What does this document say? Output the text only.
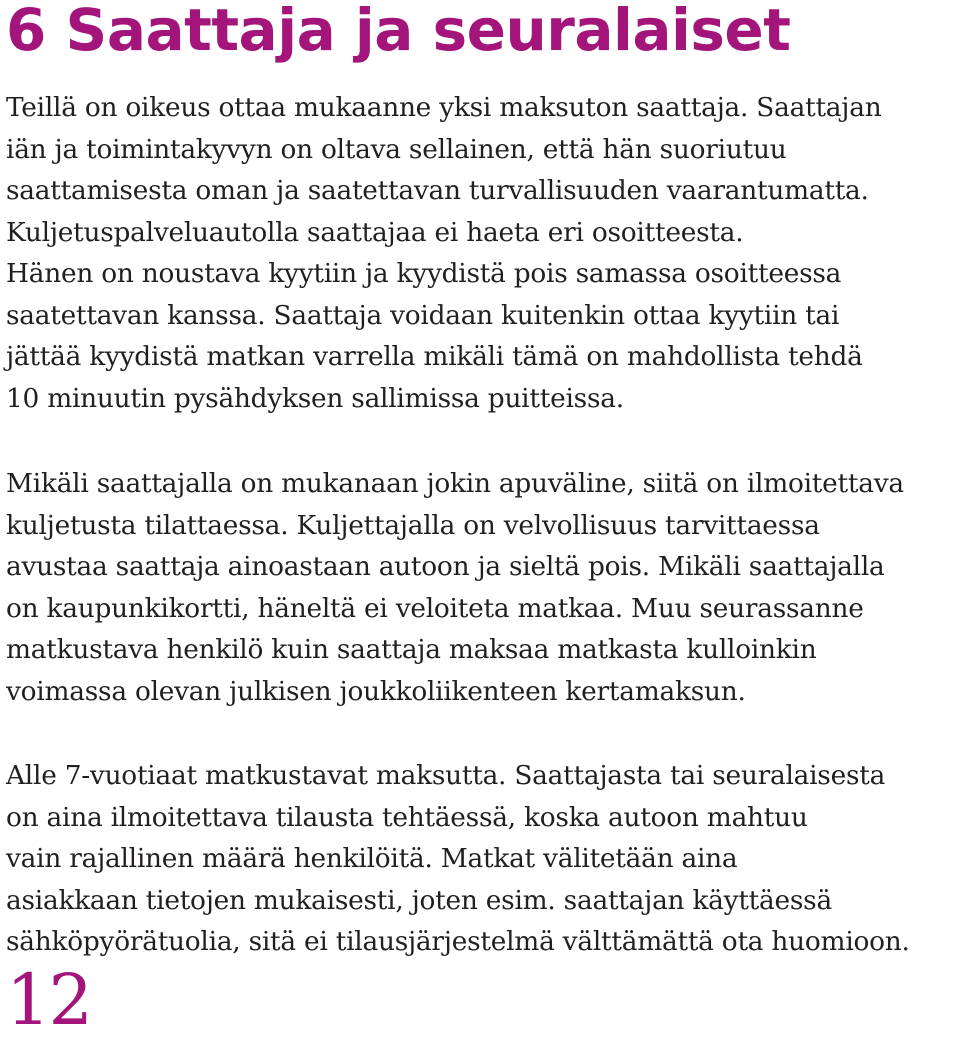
6 Saattaja ja seuralaiset
Teillä on oikeus ottaa mukaanne yksi maksuton saattaja. Saattajan
iän ja toimintakyvyn on oltava sellainen, että hän suoriutuu
saattamisesta oman ja saatettavan turvallisuuden vaarantumatta.
Kuljetuspalveluautolla saattajaa ei haeta eri osoitteesta.
Hänen on noustava kyytiin ja kyydistä pois samassa osoitteessa
saatettavan kanssa. Saattaja voidaan kuitenkin ottaa kyytiin tai
jättää kyydistä matkan varrella mikäli tämä on mahdollista tehdä
10 minuutin pysähdyksen sallimissa puitteissa.
Mikäli saattajalla on mukanaan jokin apuväline, siitä on ilmoitettava
kuljetusta tilattaessa. Kuljettajalla on velvollisuus tarvittaessa
avustaa saattaja ainoastaan autoon ja sieltä pois. Mikäli saattajalla
on kaupunkikortti, häneltä ei veloiteta matkaa. Muu seurassanne
matkustava henkilö kuin saattaja maksaa matkasta kulloinkin
voimassa olevan julkisen joukkoliikenteen kertamaksun.
Alle 7-vuotiaat matkustavat maksutta. Saattajasta tai seuralaisesta
on aina ilmoitettava tilausta tehtäessä, koska autoon mahtuu
vain rajallinen määrä henkilöitä. Matkat välitetään aina
asiakkaan tietojen mukaisesti, joten esim. saattajan käyttäessä
sähköpyörätuolia, sitä ei tilausjärjestelmä välttämättä ota huomioon.
12
